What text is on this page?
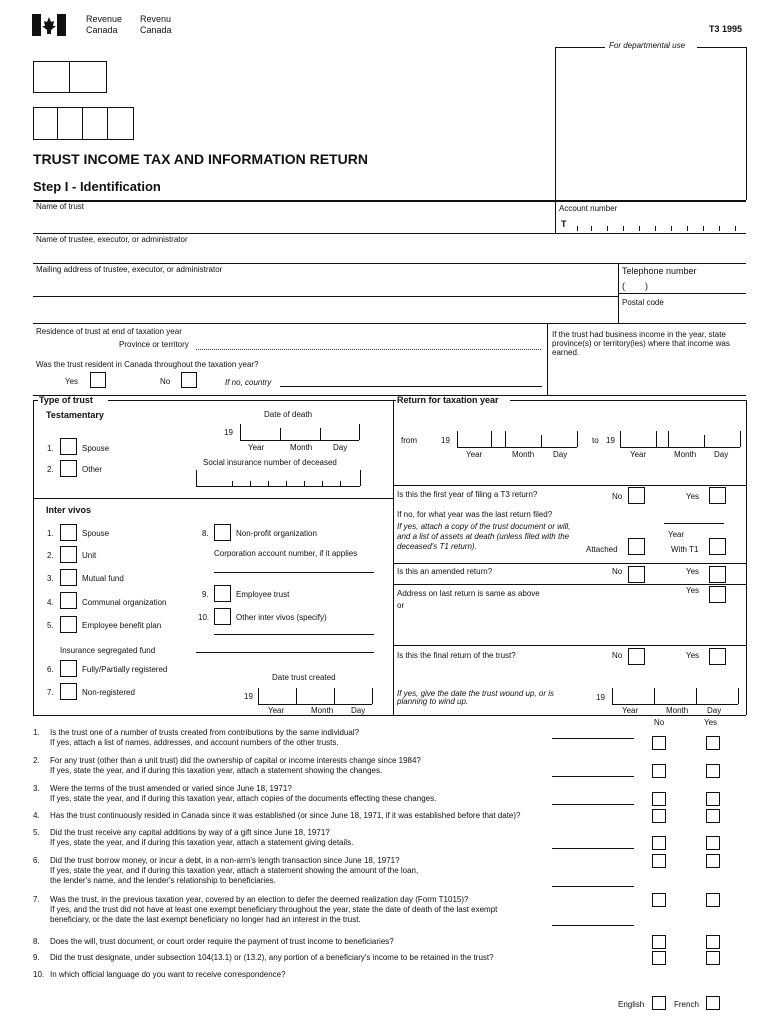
Revenue
Canada
Revenu
Canada	T3 1995
For departmental use
TRUST INCOME TAX AND INFORMATION RETURN
Step I - Identification
Name of trust	Account number
T
Name of trustee, executor, or administrator
Mailing address of trustee, executor, or administrator	Telephone number
(        )
Postal code
Residence of trust at end of taxation year
Province or territory
If the trust had business income in the year, state province(s) or territory(ies) where that income was earned.
Was the trust resident in Canada throughout the taxation year?
Yes	No	If no, country
Type of trust
Testamentary	Date of death
19
Year	Month	Day
1.	Spouse
2.	Other
Social insurance number of deceased
Inter vivos
1.	Spouse
2.	Unit
3.	Mutual fund
4.	Communal organization
5.	Employee benefit plan
8.	Non-profit organization
Corporation account number, if it applies
9.	Employee trust
10.	Other inter vivos (specify)
Insurance segregated fund
6.	Fully/Partially registered
7.	Non-registered
Date trust created
19
Year	Month Day
Return for taxation year
from	19
Year	Month Day
to 19
Year	Month Day
Is this the first year of filing a T3 return?	No	Yes
If no, for what year was the last return filed?
If yes, attach a copy of the trust document or will, and a list of assets at death (unless filed with the deceased's T1 return).
Year
Attached	With T1
Is this an amended return?	No	Yes
Address on last return is same as above	Yes
or
Is this the final return of the trust?	No	Yes
If yes, give the date the trust wound up, or is planning to wind up.	19
Year	Month Day
No	Yes
1. Is the trust one of a number of trusts created from contributions by the same individual?
If yes, attach a list of names, addresses, and account numbers of the other trusts.
2. For any trust (other than a unit trust) did the ownership of capital or income interests change since 1984?
If yes, state the year, and if during this taxation year, attach a statement showing the changes.
3. Were the terms of the trust amended or varied since June 18, 1971?
If yes, state the year, and if during this taxation year, attach copies of the documents effecting these changes.
4. Has the trust continuously resided in Canada since it was established (or since June 18, 1971, if it was established before that date)?
5. Did the trust receive any capital additions by way of a gift since June 18, 1971?
If yes, state the year, and if during this taxation year, attach a statement giving details.
6. Did the trust borrow money, or incur a debt, in a non-arm's length transaction since June 18, 1971?
If yes, state the year, and if during this taxation year, attach a statement showing the amount of the loan,
the lender's name, and the lender's relationship to beneficiaries.
7. Was the trust, in the previous taxation year, covered by an election to defer the deemed realization day (Form T1015)?
If yes, and the trust did not have at least one exempt beneficiary throughout the year, state the date of death of the last exempt
beneficiary, or the date the last exempt beneficiary no longer had an interest in the trust.
8. Does the will, trust document, or court order require the payment of trust income to beneficiaries?
9. Did the trust designate, under subsection 104(13.1) or (13.2), any portion of a beneficiary's income to be retained in the trust?
10. In which official language do you want to receive correspondence?
English	French
